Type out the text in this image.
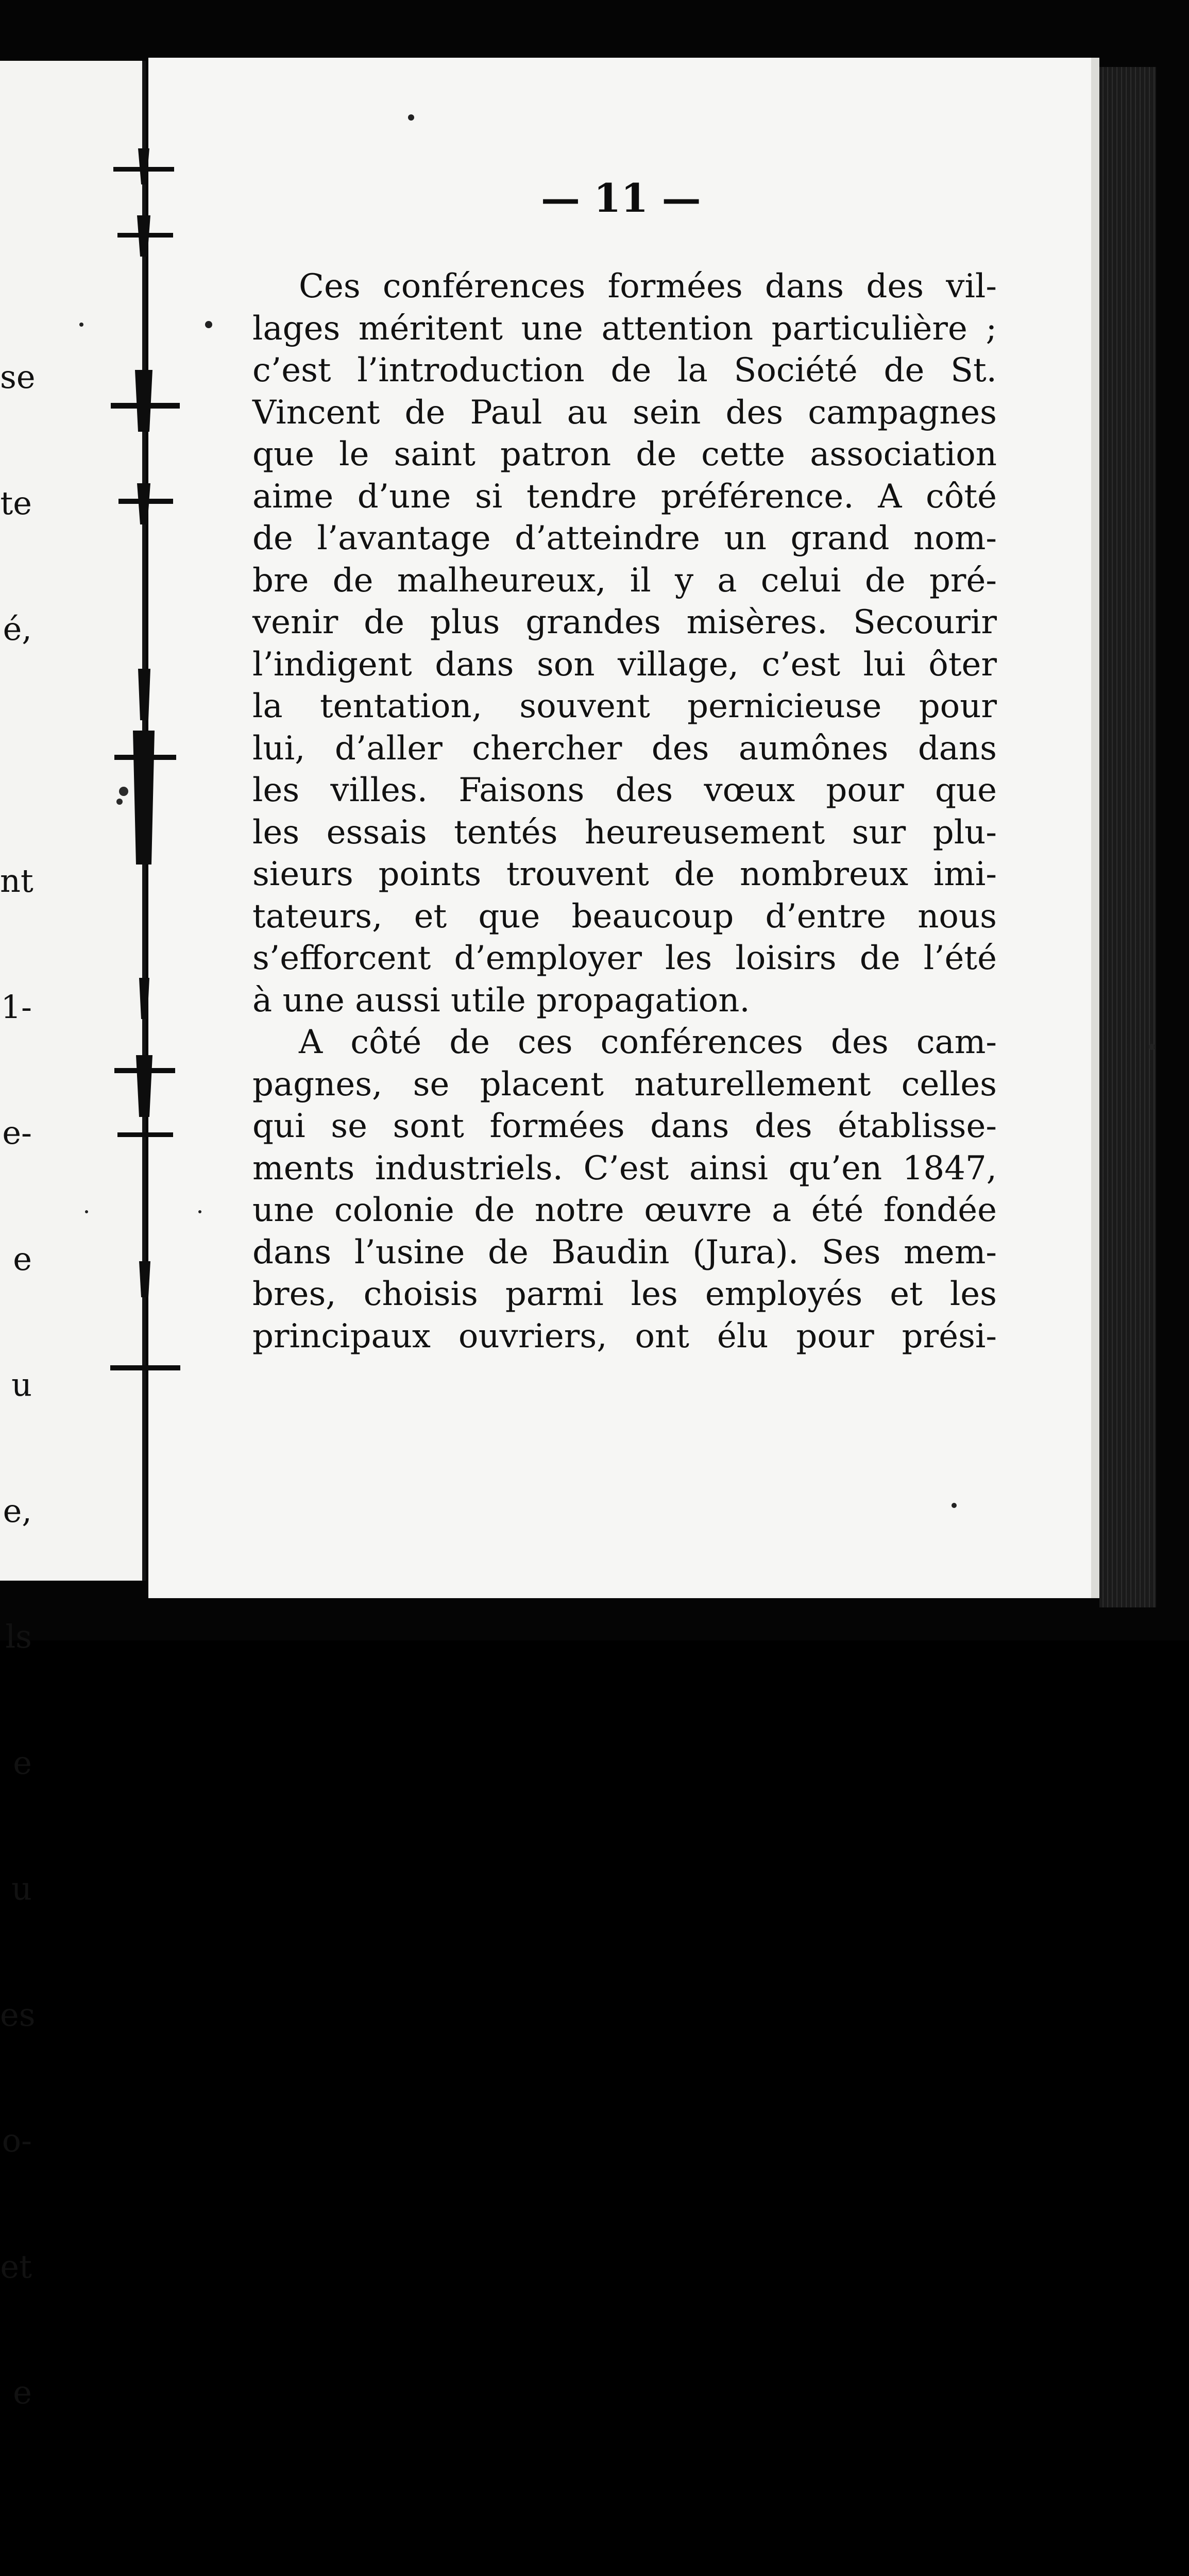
se

te

é,

nt

1-

e-

e

u

e,

ls

e

u

es

o-

et

e

— 11 —
Ces conférences formées dans des vil-
lages méritent une attention particulière ;
c’est l’introduction de la Société de St.
Vincent de Paul au sein des campagnes
que le saint patron de cette association
aime d’une si tendre préférence. A côté
de l’avantage d’atteindre un grand nom-
bre de malheureux, il y a celui de pré-
venir de plus grandes misères. Secourir
l’indigent dans son village, c’est lui ôter
la tentation, souvent pernicieuse pour
lui, d’aller chercher des aumônes dans
les villes. Faisons des vœux pour que
les essais tentés heureusement sur plu-
sieurs points trouvent de nombreux imi-
tateurs, et que beaucoup d’entre nous
s’efforcent d’employer les loisirs de l’été
à une aussi utile propagation.
A côté de ces conférences des cam-
pagnes, se placent naturellement celles
qui se sont formées dans des établisse-
ments industriels. C’est ainsi qu’en 1847,
une colonie de notre œuvre a été fondée
dans l’usine de Baudin (Jura). Ses mem-
bres, choisis parmi les employés et les
principaux ouvriers, ont élu pour prési-
